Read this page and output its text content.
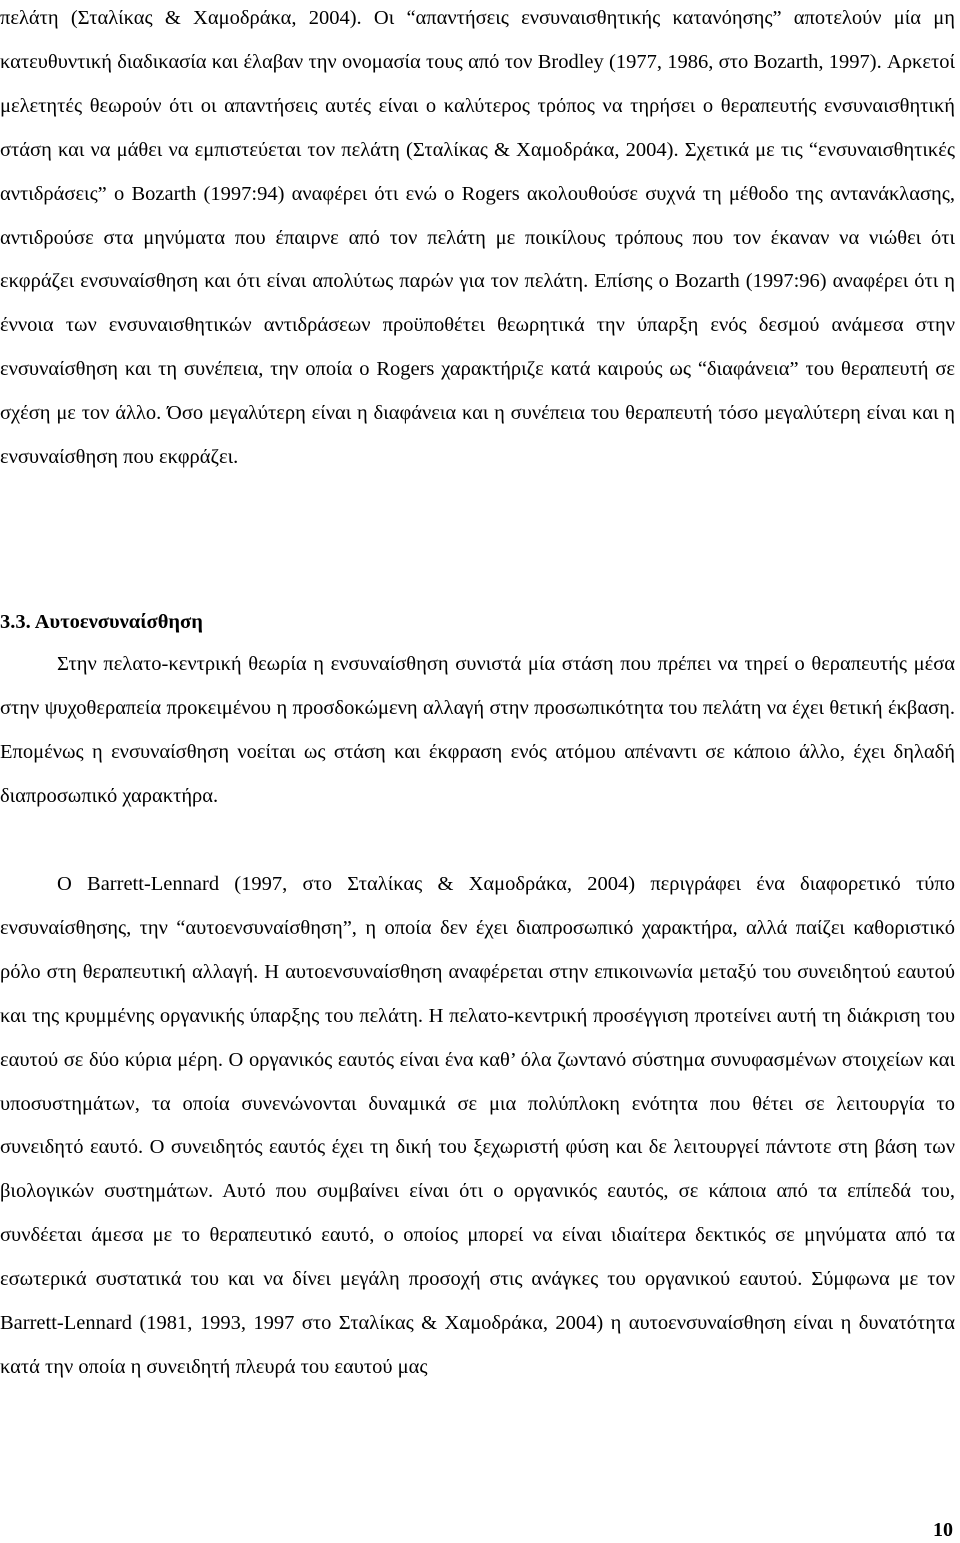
πελάτη (Σταλίκας & Χαμοδράκα, 2004). Οι “απαντήσεις ενσυναισθητικής κατανόησης” αποτελούν μία μη κατευθυντική διαδικασία και έλαβαν την ονομασία τους από τον Brodley (1977, 1986, στο Bozarth, 1997). Αρκετοί μελετητές θεωρούν ότι οι απαντήσεις αυτές είναι ο καλύτερος τρόπος να τηρήσει ο θεραπευτής ενσυναισθητική στάση και να μάθει να εμπιστεύεται τον πελάτη (Σταλίκας & Χαμοδράκα, 2004). Σχετικά με τις “ενσυναισθητικές αντιδράσεις” ο Bozarth (1997:94) αναφέρει ότι ενώ ο Rogers ακολουθούσε συχνά τη μέθοδο της αντανάκλασης, αντιδρούσε στα μηνύματα που έπαιρνε από τον πελάτη με ποικίλους τρόπους που τον έκαναν να νιώθει ότι εκφράζει ενσυναίσθηση και ότι είναι απολύτως παρών για τον πελάτη. Επίσης ο Bozarth (1997:96) αναφέρει ότι η έννοια των ενσυναισθητικών αντιδράσεων προϋποθέτει θεωρητικά την ύπαρξη ενός δεσμού ανάμεσα στην ενσυναίσθηση και τη συνέπεια, την οποία ο Rogers χαρακτήριζε κατά καιρούς ως “διαφάνεια” του θεραπευτή σε σχέση με τον άλλο. Όσο μεγαλύτερη είναι η διαφάνεια και η συνέπεια του θεραπευτή τόσο μεγαλύτερη είναι και η ενσυναίσθηση που εκφράζει.

3.3. Αυτοενσυναίσθηση

Στην πελατο-κεντρική θεωρία η ενσυναίσθηση συνιστά μία στάση που πρέπει να τηρεί ο θεραπευτής μέσα στην ψυχοθεραπεία προκειμένου η προσδοκώμενη αλλαγή στην προσωπικότητα του πελάτη να έχει θετική έκβαση. Επομένως η ενσυναίσθηση νοείται ως στάση και έκφραση ενός ατόμου απέναντι σε κάποιο άλλο, έχει δηλαδή διαπροσωπικό χαρακτήρα.

Ο Barrett-Lennard (1997, στο Σταλίκας & Χαμοδράκα, 2004) περιγράφει ένα διαφορετικό τύπο ενσυναίσθησης, την “αυτοενσυναίσθηση”, η οποία δεν έχει διαπροσωπικό χαρακτήρα, αλλά παίζει καθοριστικό ρόλο στη θεραπευτική αλλαγή. Η αυτοενσυναίσθηση αναφέρεται στην επικοινωνία μεταξύ του συνειδητού εαυτού και της κρυμμένης οργανικής ύπαρξης του πελάτη. Η πελατο-κεντρική προσέγγιση προτείνει αυτή τη διάκριση του εαυτού σε δύο κύρια μέρη. Ο οργανικός εαυτός είναι ένα καθ’ όλα ζωντανό σύστημα συνυφασμένων στοιχείων και υποσυστημάτων, τα οποία συνενώνονται δυναμικά σε μια πολύπλοκη ενότητα που θέτει σε λειτουργία το συνειδητό εαυτό. Ο συνειδητός εαυτός έχει τη δική του ξεχωριστή φύση και δε λειτουργεί πάντοτε στη βάση των βιολογικών συστημάτων. Αυτό που συμβαίνει είναι ότι ο οργανικός εαυτός, σε κάποια από τα επίπεδά του, συνδέεται άμεσα με το θεραπευτικό εαυτό, ο οποίος μπορεί να είναι ιδιαίτερα δεκτικός σε μηνύματα από τα εσωτερικά συστατικά του και να δίνει μεγάλη προσοχή στις ανάγκες του οργανικού εαυτού. Σύμφωνα με τον Barrett-Lennard (1981, 1993, 1997 στο Σταλίκας & Χαμοδράκα, 2004) η αυτοενσυναίσθηση είναι η δυνατότητα κατά την οποία η συνειδητή πλευρά του εαυτού μας

10
